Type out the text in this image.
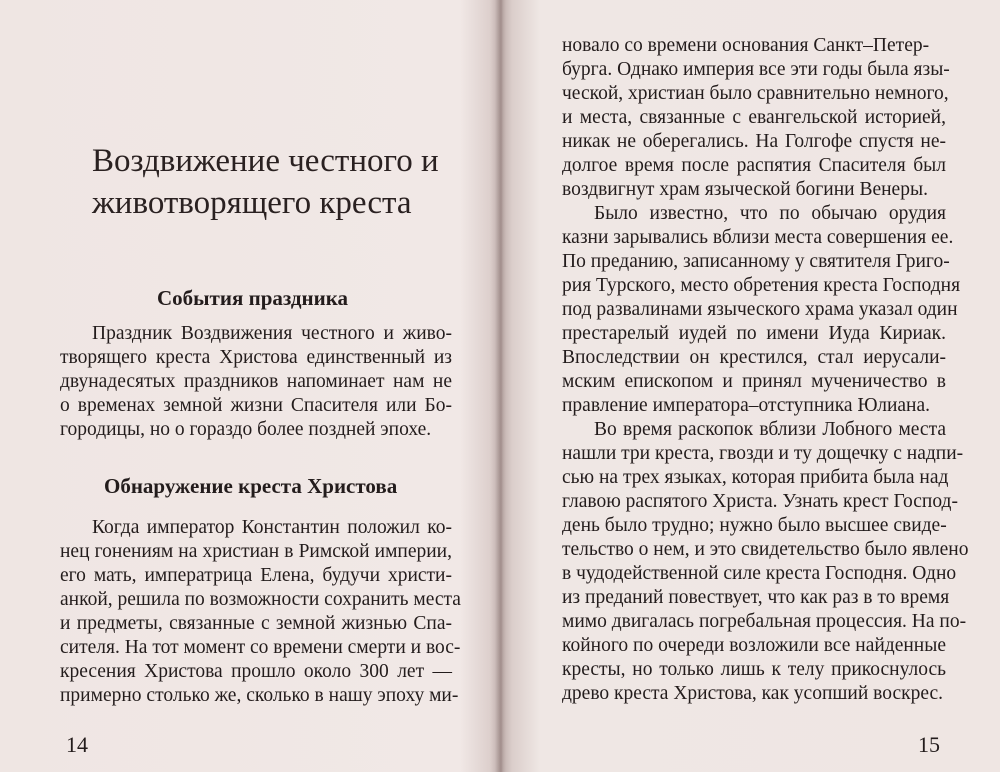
Воздвижение честного и
животворящего креста
События праздника
Праздник Воздвижения честного и живо-
творящего креста Христова единственный из
двунадесятых праздников напоминает нам не
о временах земной жизни Спасителя или Бо-
городицы, но о гораздо более поздней эпохе.
Обнаружение креста Христова
Когда император Константин положил ко-
нец гонениям на христиан в Римской империи,
его мать, императрица Елена, будучи христи-
анкой, решила по возможности сохранить места
и предметы, связанные с земной жизнью Спа-
сителя. На тот момент со времени смерти и вос-
кресения Христова прошло около 300 лет —
примерно столько же, сколько в нашу эпоху ми-

14

новало со времени основания Санкт–Петер-
бурга. Однако империя все эти годы была язы-
ческой, христиан было сравнительно немного,
и места, связанные с евангельской историей,
никак не оберегались. На Голгофе спустя не-
долгое время после распятия Спасителя был
воздвигнут храм языческой богини Венеры.
Было известно, что по обычаю орудия
казни зарывались вблизи места совершения ее.
По преданию, записанному у святителя Григо-
рия Турского, место обретения креста Господня
под развалинами языческого храма указал один
престарелый иудей по имени Иуда Кириак.
Впоследствии он крестился, стал иерусали-
мским епископом и принял мученичество в
правление императора–отступника Юлиана.
Во время раскопок вблизи Лобного места
нашли три креста, гвозди и ту дощечку с надпи-
сью на трех языках, которая прибита была над
главою распятого Христа. Узнать крест Господ-
день было трудно; нужно было высшее свиде-
тельство о нем, и это свидетельство было явлено
в чудодейственной силе креста Господня. Одно
из преданий повествует, что как раз в то время
мимо двигалась погребальная процессия. На по-
койного по очереди возложили все найденные
кресты, но только лишь к телу прикоснулось
древо креста Христова, как усопший воскрес.

15
